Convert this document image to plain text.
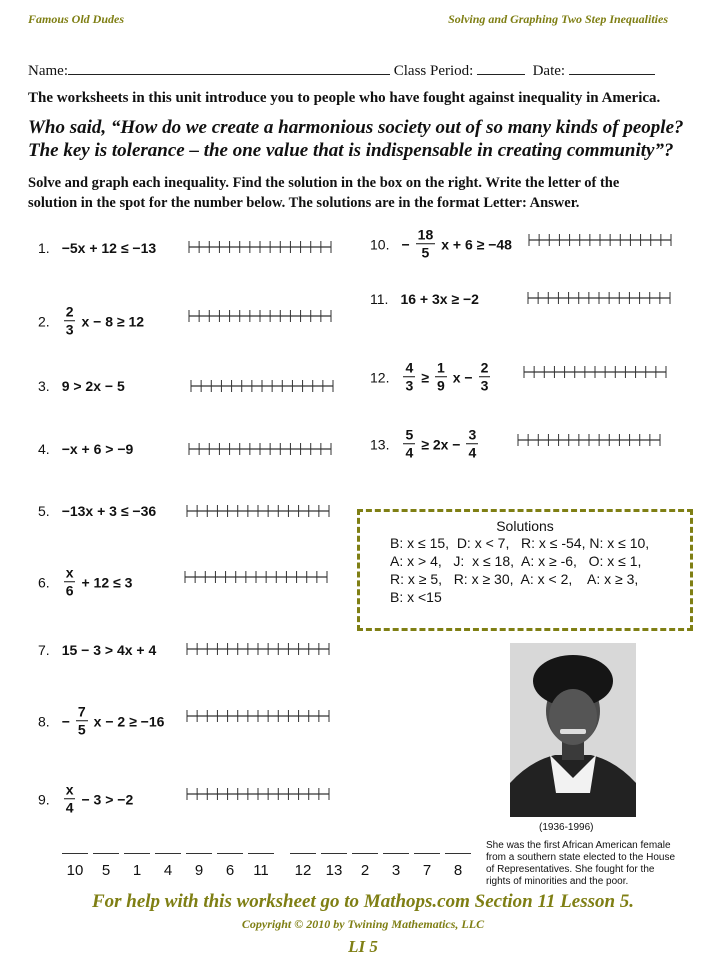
Famous Old Dudes	Solving and Graphing Two Step Inequalities
Name:	Class Period:	Date:
The worksheets in this unit introduce you to people who have fought against inequality in America.
Who said, “How do we create a harmonious society out of so many kinds of people?
The key is tolerance – the one value that is indispensable in creating community”?
Solve and graph each inequality. Find the solution in the box on the right. Write the letter of the
solution in the spot for the number below. The solutions are in the format Letter: Answer.
1. −5x + 12 ≤ −13
2. $\frac{2}{3}$ x − 8 ≥ 12
3. 9 > 2x − 5
4. −x + 6 > −9
5. −13x + 3 ≤ −36
6. $\frac{x}{6} + 12 \le 3$
7. 15 − 3 > 4x + 4
8. − $\frac{7}{5}$ x − 2 ≥ −16
9. $\frac{x}{4} - 3 > -2$
10. − $\frac{18}{5}$ x + 6 ≥ −48
11. 16 + 3x ≥ −2
12. $\frac{4}{3} \ge \frac{1}{9}$ $x - \frac{2}{3}$
13. $\frac{5}{4} \ge 2x - \frac{3}{4}$
Solutions
B: x ≤ 15,  D: x < 7,   R: x ≤ -54, N: x ≤ 10,
A: x > 4,   J:  x ≤ 18,  A: x ≥ -6,   O: x ≤ 1,
R: x ≥ 5,   R: x ≥ 30,  A: x < 2,    A: x ≥ 3,
B: x <15
(1936-1996)
She was the first African American female
from a southern state elected to the House
of Representatives. She fought for the
rights of minorities and the poor.
10	5	1	4	9	6	11	12 13	2	3	7	8
For help with this worksheet go to Mathops.com Section 11 Lesson 5.
Copyright © 2010 by Twining Mathematics, LLC
LI 5
